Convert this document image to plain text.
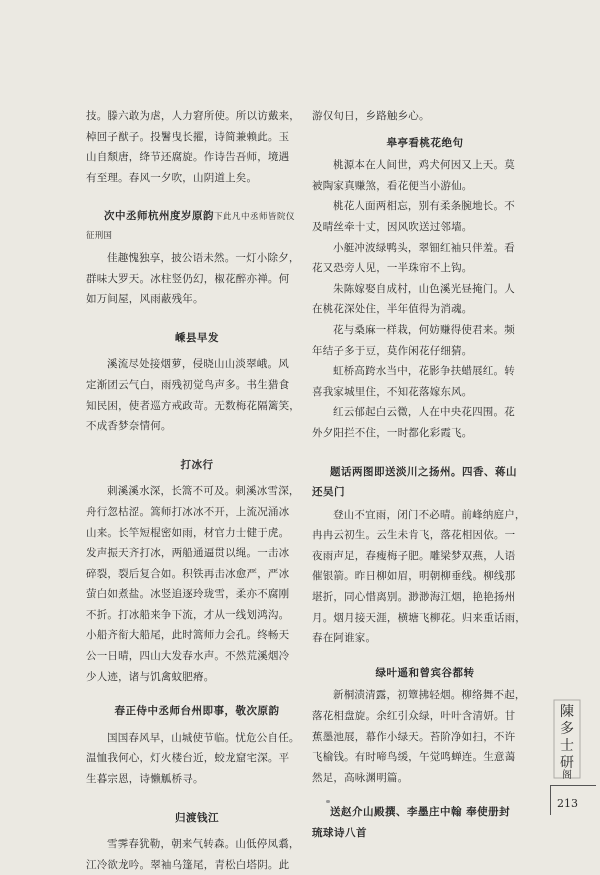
技。滕六敢为虐，人力窘所使。所以访戴来，
棹回子猷子。投鬐曳长擢，诗简兼赖此。玉
山自颓唐，绛节还腐旋。作诗告吾师，境遇
有至理。春风一夕吹，山阴道上矣。
次中丞师杭州度岁原韵下此凡中丞师皆院仪
征刑国
佳趣愧独享，披公语未然。一灯小除夕，
群味大罗天。冰柱竖仍幻，椒花醉亦禅。何
如万间屋，风雨蔽残年。
嵊县早发
溪流尽处接烟萝，侵晓山山淡翠峨。风
定渐团云气白，雨残初觉鸟声多。书生猎食
知民困，使者巡方戒政苛。无数梅花隔篱笑，
不成香梦奈情何。
打冰行
刺溪溪水深，长篙不可及。刺溪冰雪深，
舟行忽枯涩。篙师打冰冰不开，上流况涌冰
山来。长竿短棍密如雨，材官力士健于虎。
发声振天齐打冰，两船通逼贯以绳。一击冰
碎裂，裂后复合如。积铁再击冰愈严，严冰
萤白如煮盐。冰竖追逐玲珑雪，柔亦不腐刚
不折。打冰船来争下流，才从一线划鸿沟。
小船齐衔大船尾，此时篙师力会孔。终畅天
公一日晴，四山大发春水声。不然荒溪烟冷
少人迹，诸与饥禽蚊肥瘠。
春正侍中丞师台州即事，敬次原韵
国国春风早，山城使节临。忧危公自任。
温恤我何心，灯火楼台近，蛟龙窟宅深。平
生暮宗恩，诗懒觚桥寻。
归渡钱江
雪霁春犹勒，朝来气转森。山低停凤翥，
江冷欲龙吟。翠袖乌篷尾，青松白塔阴。此
游仅旬日，乡路触乡心。
皋亭看桃花绝句
桃源本在人间世，鸡犬何因又上天。莫
被陶家真赚煞，看花便当小游仙。
桃花人面两相忘，别有柔条腕地长。不
及晴丝牵十丈，因风吹送过邻墙。
小艇冲波绿鸭头，翠钿红袖只伴羞。看
花又恐旁人见，一半珠帘不上钩。
朱陈嫁娶自成村，山色溪光昼掩门。人
在桃花深处住，半年值得为消魂。
花与桑麻一样栽，何妨赚得使君来。频
年结子多于豆，莫作闲花仔细猜。
虹桥高跨水当中，花影争扶蜡展红。转
喜我家城里住，不知花落嫁东风。
红云郁起白云微，人在中央花四围。花
外夕阳拦不住，一时都化彩霞飞。
题话两图即送淡川之扬州。四香、蒋山
还吴门
登山不宜雨，闭门不必晴。前峰纳庭户，
冉冉云初生。云生未肯飞，落花相因依。一
夜雨声足，春瘦梅子肥。雕梁梦双燕，人语
催银箭。昨日柳如眉，明朝柳垂线。柳线那
堪折，同心惜离别。渺渺海江烟，艳艳扬州
月。烟月接天涯，横塘飞柳花。归来重话雨，
春在阿谁家。
绿叶遥和曾宾谷都转
新桐渍清露，初簟拂轻烟。柳络舞不起，
落花相盘旋。余红引众绿，叶叶含清妍。甘
蕉墨池展，幕作小绿天。苔阶净如扫，不许
飞榆钱。有时啼鸟缓，午觉鸣蝉连。生意蔼
然足，高咏渊明篇。
送赵介山殿撰、李墨庄中翰 奉使册封
琉球诗八首
陳
多
士
研
阁
213
